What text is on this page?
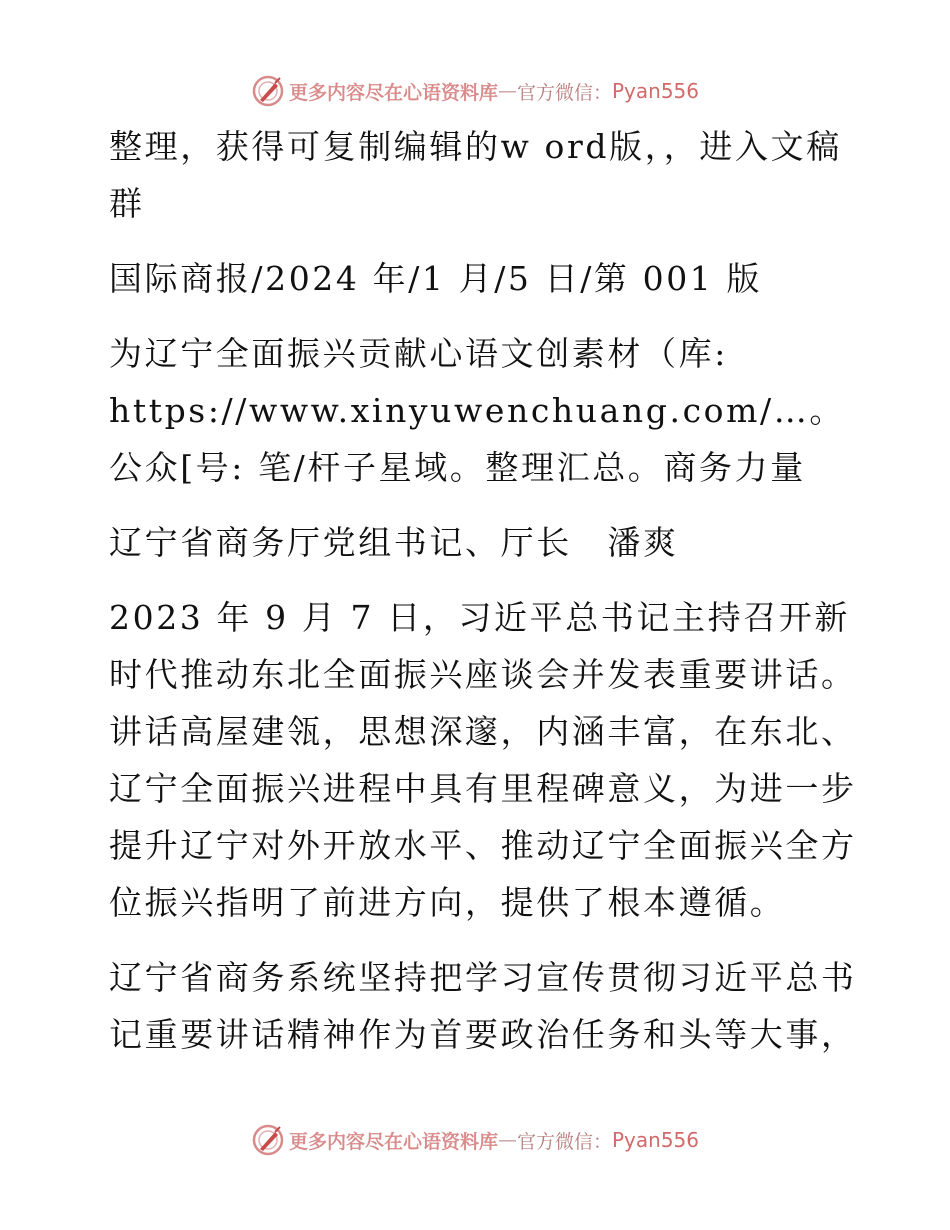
更多内容尽在心语资料库 — 官方微信： Pyan556

整理，获得可复制编辑的w ord版，，进入文稿群

国际商报/2024 年/1 月/5 日/第 001 版

为辽宁全面振兴贡献心语文创素材（库: https://www.xinyuwenchuang.com/…。公众[号: 笔/杆子星域。整理汇总。商务力量

辽宁省商务厅党组书记、厅长　潘爽

2023 年 9 月 7 日，习近平总书记主持召开新时代推动东北全面振兴座谈会并发表重要讲话。讲话高屋建瓴，思想深邃，内涵丰富，在东北、辽宁全面振兴进程中具有里程碑意义，为进一步提升辽宁对外开放水平、推动辽宁全面振兴全方位振兴指明了前进方向，提供了根本遵循。

辽宁省商务系统坚持把学习宣传贯彻习近平总书记重要讲话精神作为首要政治任务和头等大事，

更多内容尽在心语资料库 — 官方微信： Pyan556
